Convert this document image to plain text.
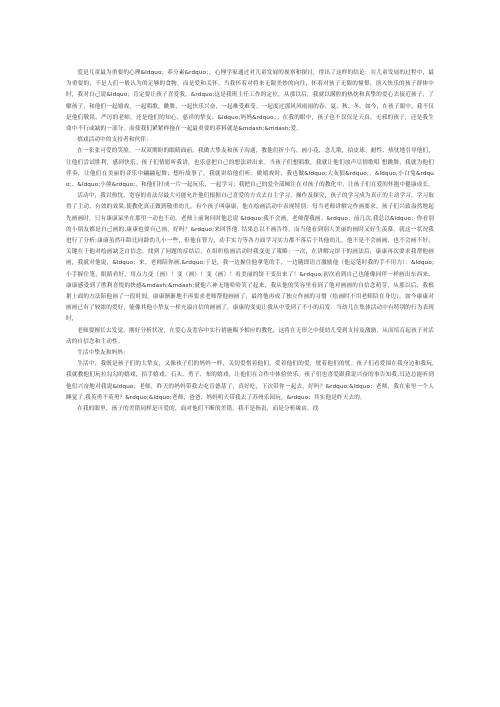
爱是儿童最为重要的心理&ldquo；养分素&rdquo；。心理学家通过对儿童发展的视察和探讨，得出了这样的结论：在儿童发展的过程中，最为重要的，不是人们一般认为的足够的食物，而是爱和关怀。当我怀着对将来无限美妙的向往，怀着对孩子无限的憧憬，溶入快乐的孩子群体中时，我对自己说&ldquo；肯定要让孩子喜爱我。&rdquo;这是我班主任工作的定位，从那以后，我就以满腔的热忱和真挚的爱心去接近孩子，了解孩子，和他们一起嬉戏，一起唱歌，跳舞，一起快乐兴奋，一起难受难受。一起度过那风风雨雨的春、夏、秋、冬。如今，在孩子眼中，我不仅是他们敬畏、严厉的老师，还是他们的知心、慈祥的挚友、&ldquo;妈妈&rdquo；。在我的眼中，孩子也不仅仅是天真、无邪的孩子，还是我生命中不行或缺的一部分。而使我们紧紧样拖在一起最重要的养料就是&mdash;&mdash;爱。

嬉戏活动中的支持者和伙伴：

在一张张可爱的笑脸，一双双期盼的眼睛面前，我做大挚友和孩子沟通，教他们折小鸟，画小花，念儿歌，拍皮球，耐性、热忱地引导他们，让他们尝试胜利，感到快乐。孩子们情愿听我讲，也乐意把自己的想法讲出来。当孩子们想唱歌，我就让他们放声尽情歌唱 想跳舞，我就为他们伴奏，让他们在美丽的音乐中翩翩起舞；想听故事了，我就讲给他们听；做嬉戏时，我也做&ldquo;大灰狼&rdquo;、&ldquo;小白兔&rdquo;、&ldquo;小熊&rdquo;、和他们打成一片一起玩乐，一起学习；我把自己的爱全部倾注在对孩子的教化中，让孩子们在爱的怀抱中健康成长。

活动中，我以热忱、宽容的看法尽最大可能允许他们根据自己喜爱的方式去自主学习、操作及探究，孩子的学习成为真正的主动学习，学习取得了主动、有效的效果,使教化真正做到敬重幼儿。有个孩子叫康康，他在绘画活动中表现特别：每当老师讲解完作画要求，孩子们兴致盎然地起先画画时，只有康康呆坐在那里一动也不动。老师上前询问时他总说 &ldquo;我不会画，老师帮我画。&rdquo；前几次,我总以&ldquo；你看别的小朋友都是自己画的,康康也要自己画，好吗？&rdquo;来回答他. 结果总以不画告终，而当他看到别人美丽的画时又好生羡慕。就这一状况我进行了分析:康康虽然年龄比同龄幼儿小一些，但他在智力、动手实力等各方面学习实力都不落后于其他幼儿，他不是不会画画，也不会画不好，关键在于他对绘画缺乏自信念。找到了问题的症结后，在组织绘画活动时我变更了策略：一次，在讲解完饼干的画法后，康康再次要求我帮他画画，我就对他说，&ldquo；来，老师陪你画.&rdquo;于是，我一边握住他拿笔的手，一边随即语言激励他（他运笔时我的手不用力）：&ldquo;小手握住笔，眼睛看好，用点力变（画）！变（画）！变（画）！看美丽的饼干变出来了！&rdquo;初次看到自己也能像同伴一样画出东西来，康康感受到了胜利喜悦的快感&mdash;&mdash;就他六神无地哈哈笑了起来，我从他的笑容里看到了他对画画的自信念萌芽，从那以后，我根据上面的方法陪他画了一段时间，康康渐渐地不再要求老师帮他画画了，最终他再成了独立作画的习惯（绘画时不用老师陪在身边）。如今康康对画画已有了较浓的爱好，能像其他小挚友一样充溢自信的画画了，康康的变更让我从中受到了不小的启发：当幼儿在集体活动中有特别的行为表现时，

老师要擅长去发觉，刚好分析状况，在爱心及宽容中实行措施赐予相应的教化，这将在无形之中使幼儿受到支持及激励，从而培育起孩子对活动的自信念和主动性。

生活中挚友和妈妈：

生活中，我既是孩子们的大挚友，又像孩子们的妈妈一样，关切爱惜着他们，爱着他们的爱，忧着他们的忧。孩子们看爱围在我身边和我玩,我就教他们玩拉勾勾的嬉戏，拍手嬉戏、石头、剪子、布的嬉戏，让他们在合作中体验快乐。孩子们也喜爱跟我说兴奋的事告知我,耳边总能听到他们兴奋地对我说&ldquo；老师，昨天的妈妈带我去吃肯德基了，真好吃，下次带你一起去，好吗？&rdquo;&ldquo；老师，我在家里一个人睡觉了,我英勇不英勇？&rdquo;&ldquo;老师，爸爸、妈妈明天带我去了苏州乐园玩。&rdquo；其实他是昨天去的。

在我的眼里，孩子的差错同样是可爱的，面对他们不断的差错，我不是指责，而是分析缘由，找
